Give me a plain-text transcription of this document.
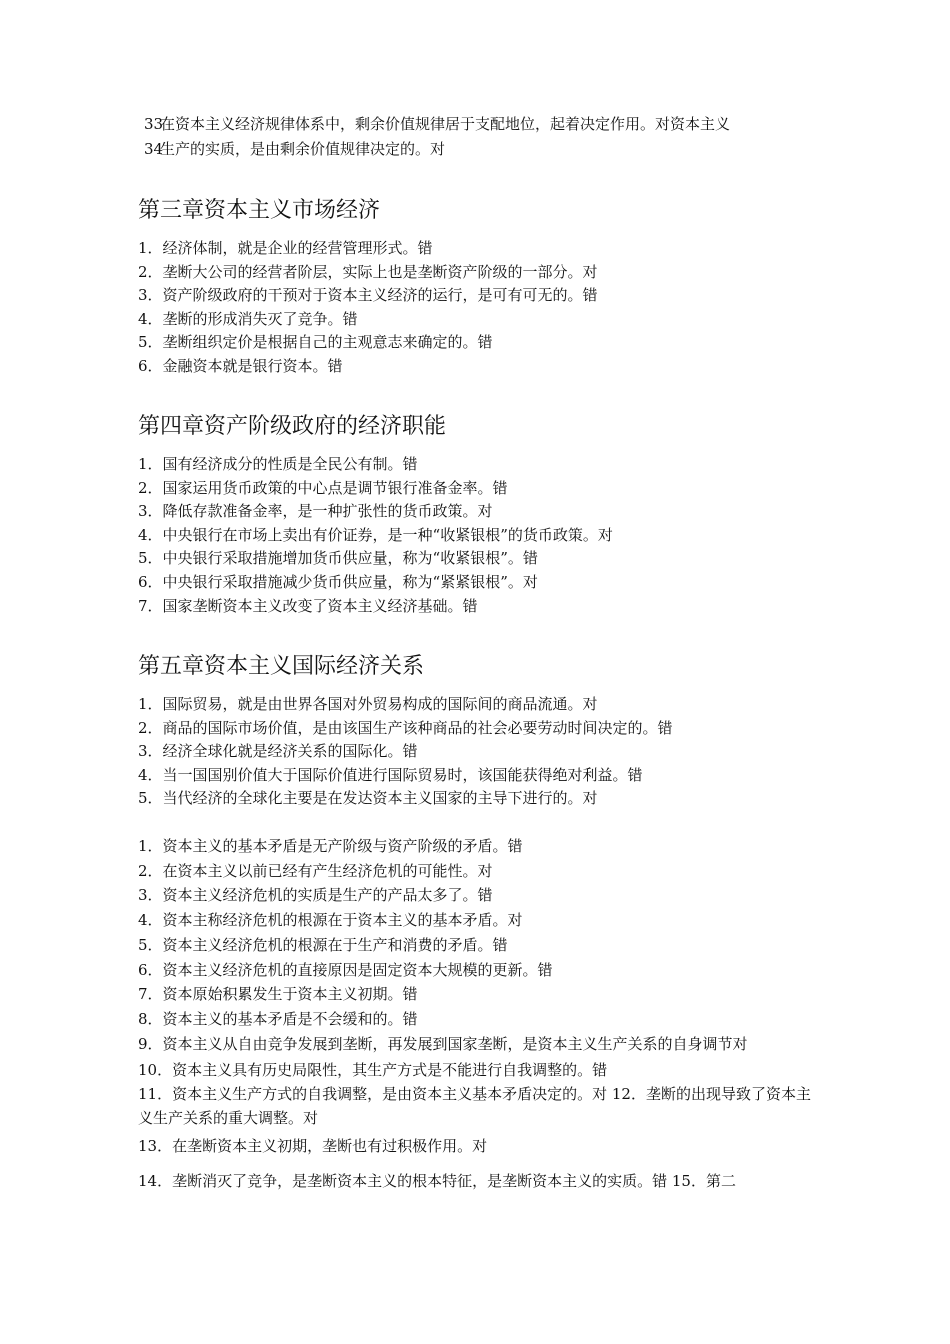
33
34
在资本主义经济规律体系中，剩余价值规律居于支配地位，起着决定作用。对资本主义
生产的实质，是由剩余价值规律决定的。对
第三章资本主义市场经济
1．经济体制，就是企业的经营管理形式。错
2．垄断大公司的经营者阶层，实际上也是垄断资产阶级的一部分。对
3．资产阶级政府的干预对于资本主义经济的运行，是可有可无的。错
4．垄断的形成消失灭了竞争。错
5．垄断组织定价是根据自己的主观意志来确定的。错
6．金融资本就是银行资本。错
第四章资产阶级政府的经济职能
1．国有经济成分的性质是全民公有制。错
2．国家运用货币政策的中心点是调节银行准备金率。错
3．降低存款准备金率，是一种扩张性的货币政策。对
4．中央银行在市场上卖出有价证券，是一种“收紧银根”的货币政策。对
5．中央银行采取措施增加货币供应量，称为“收紧银根”。错
6．中央银行采取措施减少货币供应量，称为“紧紧银根”。对
7．国家垄断资本主义改变了资本主义经济基础。错
第五章资本主义国际经济关系
1．国际贸易，就是由世界各国对外贸易构成的国际间的商品流通。对
2．商品的国际市场价值，是由该国生产该种商品的社会必要劳动时间决定的。错
3．经济全球化就是经济关系的国际化。错
4．当一国国别价值大于国际价值进行国际贸易时，该国能获得绝对利益。错
5．当代经济的全球化主要是在发达资本主义国家的主导下进行的。对
1．资本主义的基本矛盾是无产阶级与资产阶级的矛盾。错
2．在资本主义以前已经有产生经济危机的可能性。对
3．资本主义经济危机的实质是生产的产品太多了。错
4．资本主称经济危机的根源在于资本主义的基本矛盾。对
5．资本主义经济危机的根源在于生产和消费的矛盾。错
6．资本主义经济危机的直接原因是固定资本大规模的更新。错
7．资本原始积累发生于资本主义初期。错
8．资本主义的基本矛盾是不会缓和的。错
9．资本主义从自由竞争发展到垄断，再发展到国家垄断，是资本主义生产关系的自身调节对
10．资本主义具有历史局限性，其生产方式是不能进行自我调整的。错
11．资本主义生产方式的自我调整，是由资本主义基本矛盾决定的。对 12．垄断的出现导致了资本主义生产关系的重大调整。对
13．在垄断资本主义初期，垄断也有过积极作用。对
14．垄断消灭了竞争，是垄断资本主义的根本特征，是垄断资本主义的实质。错 15．第二
